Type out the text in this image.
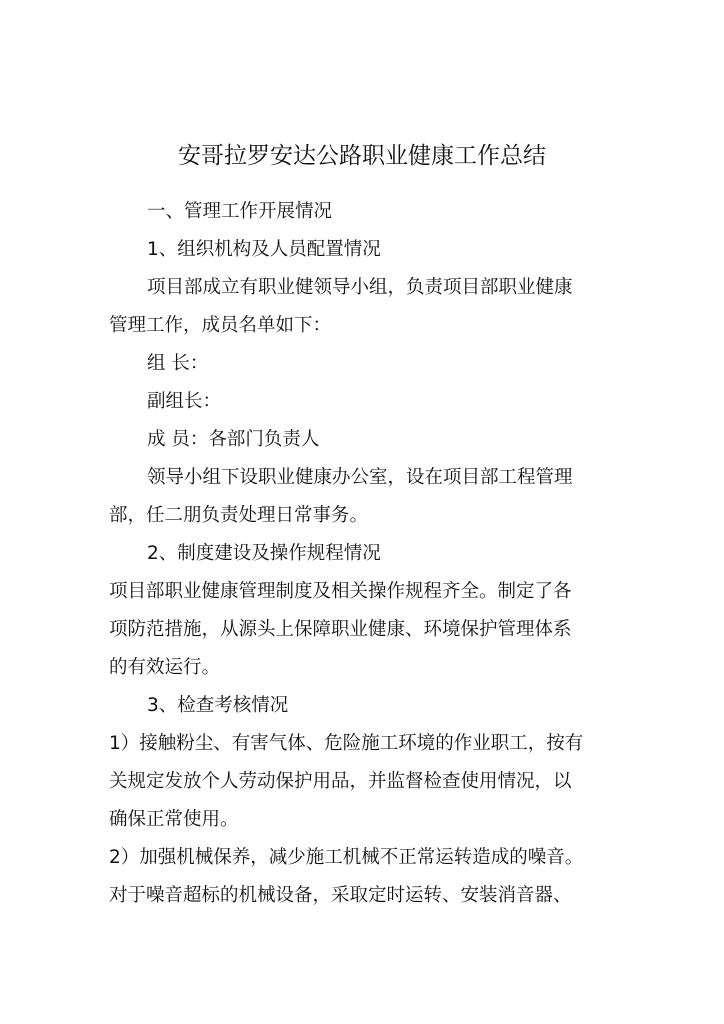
安哥拉罗安达公路职业健康工作总结
一、管理工作开展情况
1、组织机构及人员配置情况
项目部成立有职业健领导小组，负责项目部职业健康
管理工作，成员名单如下：
组 长：
副组长：
成 员：各部门负责人
领导小组下设职业健康办公室，设在项目部工程管理
部，任二朋负责处理日常事务。
2、制度建设及操作规程情况
项目部职业健康管理制度及相关操作规程齐全。制定了各
项防范措施，从源头上保障职业健康、环境保护管理体系
的有效运行。
3、检查考核情况
1）接触粉尘、有害气体、危险施工环境的作业职工，按有
关规定发放个人劳动保护用品，并监督检查使用情况，以
确保正常使用。
2）加强机械保养，减少施工机械不正常运转造成的噪音。
对于噪音超标的机械设备，采取定时运转、安装消音器、
